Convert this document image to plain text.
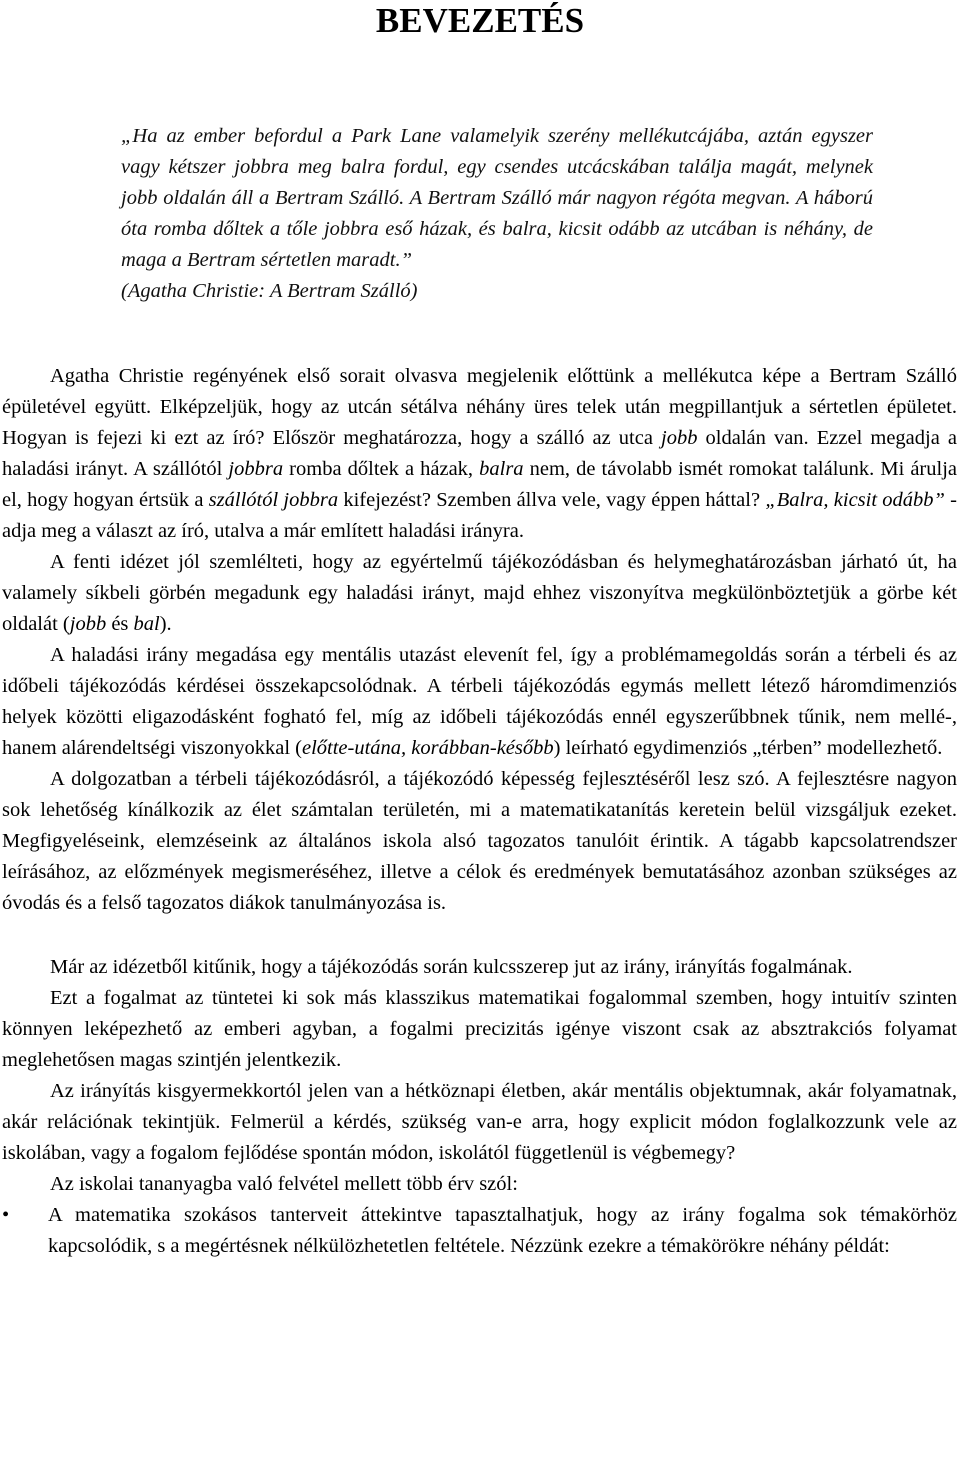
BEVEZETÉS
„Ha az ember befordul a Park Lane valamelyik szerény mellékutcájába, aztán egyszer vagy kétszer jobbra meg balra fordul, egy csendes utcácskában találja magát, melynek jobb oldalán áll a Bertram Szálló. A Bertram Szálló már nagyon régóta megvan. A háború óta romba dőltek a tőle jobbra eső házak, és balra, kicsit odább az utcában is néhány, de maga a Bertram sértetlen maradt.”
(Agatha Christie: A Bertram Szálló)

Agatha Christie regényének első sorait olvasva megjelenik előttünk a mellékutca képe a Bertram Szálló épületével együtt. Elképzeljük, hogy az utcán sétálva néhány üres telek után megpillantjuk a sértetlen épületet. Hogyan is fejezi ki ezt az író? Először meghatározza, hogy a szálló az utca jobb oldalán van. Ezzel megadja a haladási irányt. A szállótól jobbra romba dőltek a házak, balra nem, de távolabb ismét romokat találunk. Mi árulja el, hogy hogyan értsük a szállótól jobbra kifejezést? Szemben állva vele, vagy éppen háttal? „Balra, kicsit odább” - adja meg a választ az író, utalva a már említett haladási irányra.

A fenti idézet jól szemlélteti, hogy az egyértelmű tájékozódásban és helymeghatározásban járható út, ha valamely síkbeli görbén megadunk egy haladási irányt, majd ehhez viszonyítva megkülönböztetjük a görbe két oldalát (jobb és bal).

A haladási irány megadása egy mentális utazást elevenít fel, így a problémamegoldás során a térbeli és az időbeli tájékozódás kérdései összekapcsolódnak. A térbeli tájékozódás egymás mellett létező háromdimenziós helyek közötti eligazodásként fogható fel, míg az időbeli tájékozódás ennél egyszerűbbnek tűnik, nem mellé-, hanem alárendeltségi viszonyokkal (előtte-utána, korábban-később) leírható egydimenziós „térben” modellezhető.

A dolgozatban a térbeli tájékozódásról, a tájékozódó képesség fejlesztéséről lesz szó. A fejlesztésre nagyon sok lehetőség kínálkozik az élet számtalan területén, mi a matematikatanítás keretein belül vizsgáljuk ezeket. Megfigyeléseink, elemzéseink az általános iskola alsó tagozatos tanulóit érintik. A tágabb kapcsolatrendszer leírásához, az előzmények megismeréséhez, illetve a célok és eredmények bemutatásához azonban szükséges az óvodás és a felső tagozatos diákok tanulmányozása is.

Már az idézetből kitűnik, hogy a tájékozódás során kulcsszerep jut az irány, irányítás fogalmának.

Ezt a fogalmat az tüntetei ki sok más klasszikus matematikai fogalommal szemben, hogy intuitív szinten könnyen leképezhető az emberi agyban, a fogalmi precizitás igénye viszont csak az absztrakciós folyamat meglehetősen magas szintjén jelentkezik.

Az irányítás kisgyermekkortól jelen van a hétköznapi életben, akár mentális objektumnak, akár folyamatnak, akár relációnak tekintjük. Felmerül a kérdés, szükség van-e arra, hogy explicit módon foglalkozzunk vele az iskolában, vagy a fogalom fejlődése spontán módon, iskolától függetlenül is végbemegy?

Az iskolai tananyagba való felvétel mellett több érv szól:

• A matematika szokásos tanterveit áttekintve tapasztalhatjuk, hogy az irány fogalma sok témakörhöz kapcsolódik, s a megértésnek nélkülözhetetlen feltétele. Nézzünk ezekre a témakörökre néhány példát:
